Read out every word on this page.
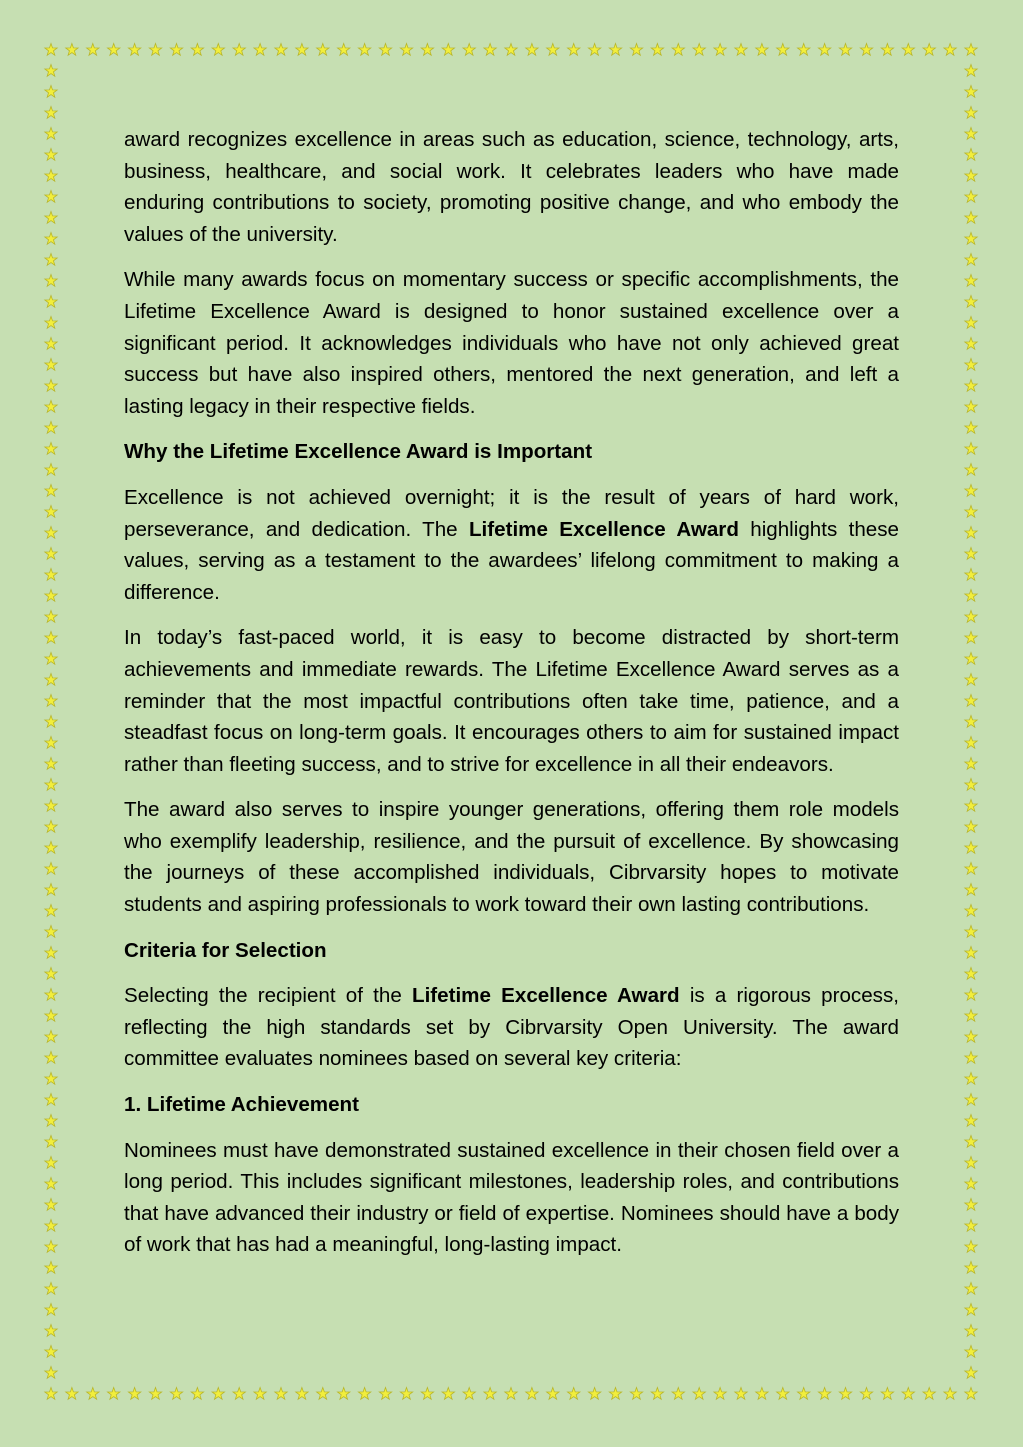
award recognizes excellence in areas such as education, science, technology, arts, business, healthcare, and social work. It celebrates leaders who have made enduring contributions to society, promoting positive change, and who embody the values of the university.

While many awards focus on momentary success or specific accomplishments, the Lifetime Excellence Award is designed to honor sustained excellence over a significant period. It acknowledges individuals who have not only achieved great success but have also inspired others, mentored the next generation, and left a lasting legacy in their respective fields.

Why the Lifetime Excellence Award is Important

Excellence is not achieved overnight; it is the result of years of hard work, perseverance, and dedication. The Lifetime Excellence Award highlights these values, serving as a testament to the awardees’ lifelong commitment to making a difference.

In today’s fast-paced world, it is easy to become distracted by short-term achievements and immediate rewards. The Lifetime Excellence Award serves as a reminder that the most impactful contributions often take time, patience, and a steadfast focus on long-term goals. It encourages others to aim for sustained impact rather than fleeting success, and to strive for excellence in all their endeavors.

The award also serves to inspire younger generations, offering them role models who exemplify leadership, resilience, and the pursuit of excellence. By showcasing the journeys of these accomplished individuals, Cibrvarsity hopes to motivate students and aspiring professionals to work toward their own lasting contributions.

Criteria for Selection

Selecting the recipient of the Lifetime Excellence Award is a rigorous process, reflecting the high standards set by Cibrvarsity Open University. The award committee evaluates nominees based on several key criteria:

1. Lifetime Achievement

Nominees must have demonstrated sustained excellence in their chosen field over a long period. This includes significant milestones, leadership roles, and contributions that have advanced their industry or field of expertise. Nominees should have a body of work that has had a meaningful, long-lasting impact.
